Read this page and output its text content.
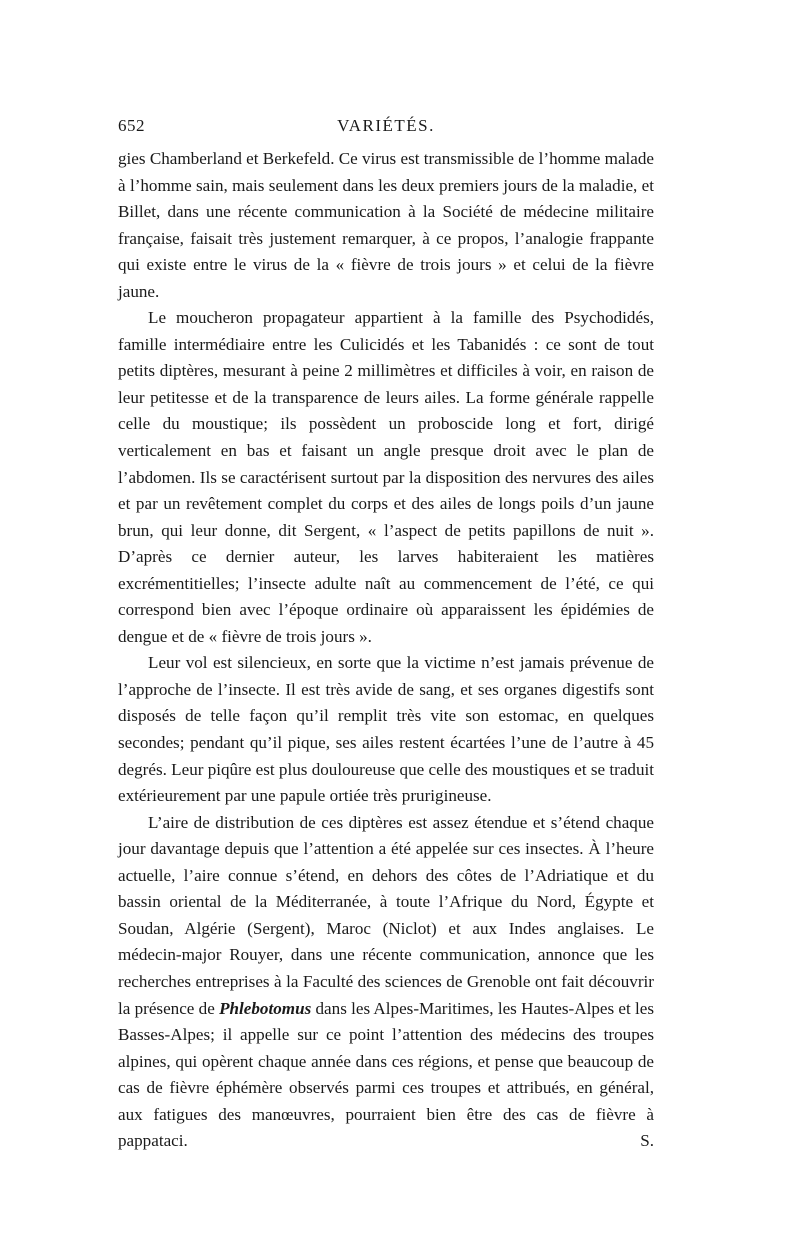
652	VARIÉTÉS.

gies Chamberland et Berkefeld. Ce virus est transmissible de l’homme malade à l’homme sain, mais seulement dans les deux premiers jours de la maladie, et Billet, dans une récente communication à la Société de médecine militaire française, faisait très justement remarquer, à ce propos, l’analogie frappante qui existe entre le virus de la « fièvre de trois jours » et celui de la fièvre jaune.

Le moucheron propagateur appartient à la famille des Psychodidés, famille intermédiaire entre les Culicidés et les Tabanidés : ce sont de tout petits diptères, mesurant à peine 2 millimètres et difficiles à voir, en raison de leur petitesse et de la transparence de leurs ailes. La forme générale rappelle celle du moustique; ils possèdent un proboscide long et fort, dirigé verticalement en bas et faisant un angle presque droit avec le plan de l’abdomen. Ils se caractérisent surtout par la disposition des nervures des ailes et par un revêtement complet du corps et des ailes de longs poils d’un jaune brun, qui leur donne, dit Sergent, « l’aspect de petits papillons de nuit ». D’après ce dernier auteur, les larves habiteraient les matières excrémentitielles; l’insecte adulte naît au commencement de l’été, ce qui correspond bien avec l’époque ordinaire où apparaissent les épidémies de dengue et de « fièvre de trois jours ».

Leur vol est silencieux, en sorte que la victime n’est jamais prévenue de l’approche de l’insecte. Il est très avide de sang, et ses organes digestifs sont disposés de telle façon qu’il remplit très vite son estomac, en quelques secondes; pendant qu’il pique, ses ailes restent écartées l’une de l’autre à 45 degrés. Leur piqûre est plus douloureuse que celle des moustiques et se traduit extérieurement par une papule ortiée très prurigineuse.

L’aire de distribution de ces diptères est assez étendue et s’étend chaque jour davantage depuis que l’attention a été appelée sur ces insectes. À l’heure actuelle, l’aire connue s’étend, en dehors des côtes de l’Adriatique et du bassin oriental de la Méditerranée, à toute l’Afrique du Nord, Égypte et Soudan, Algérie (Sergent), Maroc (Niclot) et aux Indes anglaises. Le médecin-major Rouyer, dans une récente communication, annonce que les recherches entreprises à la Faculté des sciences de Grenoble ont fait découvrir la présence de Phlebotomus dans les Alpes-Maritimes, les Hautes-Alpes et les Basses-Alpes; il appelle sur ce point l’attention des médecins des troupes alpines, qui opèrent chaque année dans ces régions, et pense que beaucoup de cas de fièvre éphémère observés parmi ces troupes et attribués, en général, aux fatigues des manœuvres, pourraient bien être des cas de fièvre à pappataci.	S.
